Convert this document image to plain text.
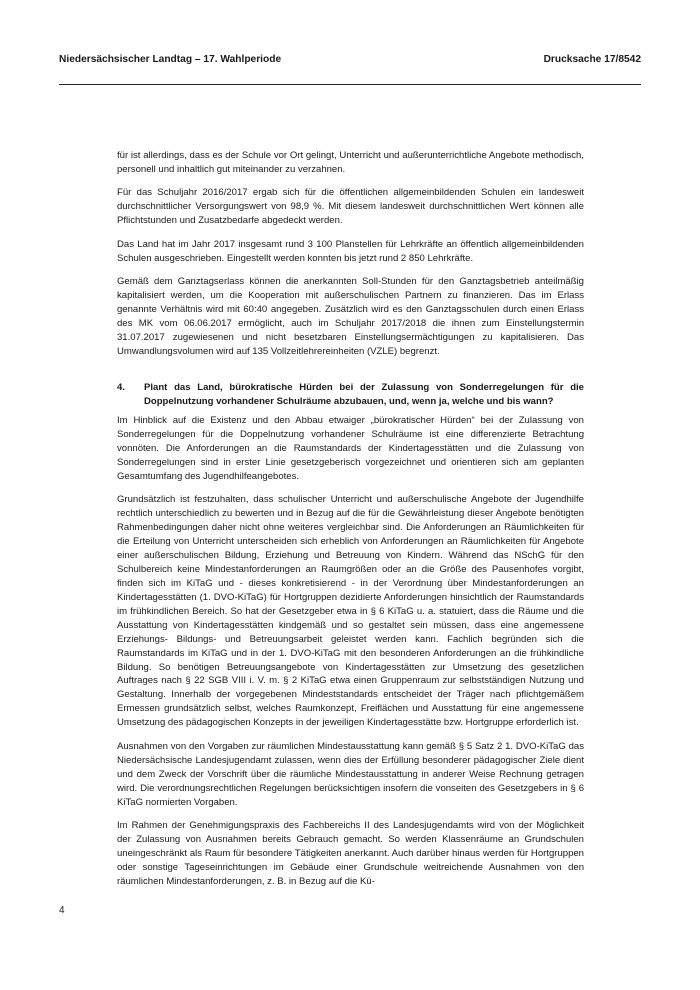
Niedersächsischer Landtag – 17. Wahlperiode	Drucksache 17/8542

für ist allerdings, dass es der Schule vor Ort gelingt, Unterricht und außerunterrichtliche Angebote methodisch, personell und inhaltlich gut miteinander zu verzahnen.

Für das Schuljahr 2016/2017 ergab sich für die öffentlichen allgemeinbildenden Schulen ein landesweit durchschnittlicher Versorgungswert von 98,9 %. Mit diesem landesweit durchschnittlichen Wert können alle Pflichtstunden und Zusatzbedarfe abgedeckt werden.

Das Land hat im Jahr 2017 insgesamt rund 3 100 Planstellen für Lehrkräfte an öffentlich allgemeinbildenden Schulen ausgeschrieben. Eingestellt werden konnten bis jetzt rund 2 850 Lehrkräfte.

Gemäß dem Ganztagserlass können die anerkannten Soll-Stunden für den Ganztagsbetrieb anteilmäßig kapitalisiert werden, um die Kooperation mit außerschulischen Partnern zu finanzieren. Das im Erlass genannte Verhältnis wird mit 60:40 angegeben. Zusätzlich wird es den Ganztagsschulen durch einen Erlass des MK vom 06.06.2017 ermöglicht, auch im Schuljahr 2017/2018 die ihnen zum Einstellungstermin 31.07.2017 zugewiesenen und nicht besetzbaren Einstellungsermächtigungen zu kapitalisieren. Das Umwandlungsvolumen wird auf 135 Vollzeitlehrereinheiten (VZLE) begrenzt.

4.	Plant das Land, bürokratische Hürden bei der Zulassung von Sonderregelungen für die Doppelnutzung vorhandener Schulräume abzubauen, und, wenn ja, welche und bis wann?

Im Hinblick auf die Existenz und den Abbau etwaiger „bürokratischer Hürden“ bei der Zulassung von Sonderregelungen für die Doppelnutzung vorhandener Schulräume ist eine differenzierte Betrachtung vonnöten. Die Anforderungen an die Raumstandards der Kindertagesstätten und die Zulassung von Sonderregelungen sind in erster Linie gesetzgeberisch vorgezeichnet und orientieren sich am geplanten Gesamtumfang des Jugendhilfeangebotes.

Grundsätzlich ist festzuhalten, dass schulischer Unterricht und außerschulische Angebote der Jugendhilfe rechtlich unterschiedlich zu bewerten und in Bezug auf die für die Gewährleistung dieser Angebote benötigten Rahmenbedingungen daher nicht ohne weiteres vergleichbar sind. Die Anforderungen an Räumlichkeiten für die Erteilung von Unterricht unterscheiden sich erheblich von Anforderungen an Räumlichkeiten für Angebote einer außerschulischen Bildung, Erziehung und Betreuung von Kindern. Während das NSchG für den Schulbereich keine Mindestanforderungen an Raumgrößen oder an die Größe des Pausenhofes vorgibt, finden sich im KiTaG und - dieses konkretisierend - in der Verordnung über Mindestanforderungen an Kindertagesstätten (1. DVO-KiTaG) für Hortgruppen dezidierte Anforderungen hinsichtlich der Raumstandards im frühkindlichen Bereich. So hat der Gesetzgeber etwa in § 6 KiTaG u. a. statuiert, dass die Räume und die Ausstattung von Kindertagesstätten kindgemäß und so gestaltet sein müssen, dass eine angemessene Erziehungs- Bildungs- und Betreuungsarbeit geleistet werden kann. Fachlich begründen sich die Raumstandards im KiTaG und in der 1. DVO-KiTaG mit den besonderen Anforderungen an die frühkindliche Bildung. So benötigen Betreuungsangebote von Kindertagesstätten zur Umsetzung des gesetzlichen Auftrages nach § 22 SGB VIII i. V. m. § 2 KiTaG etwa einen Gruppenraum zur selbstständigen Nutzung und Gestaltung. Innerhalb der vorgegebenen Mindeststandards entscheidet der Träger nach pflichtgemäßem Ermessen grundsätzlich selbst, welches Raumkonzept, Freiflächen und Ausstattung für eine angemessene Umsetzung des pädagogischen Konzepts in der jeweiligen Kindertagesstätte bzw. Hortgruppe erforderlich ist.

Ausnahmen von den Vorgaben zur räumlichen Mindestausstattung kann gemäß § 5 Satz 2 1. DVO-KiTaG das Niedersächsische Landesjugendamt zulassen, wenn dies der Erfüllung besonderer pädagogischer Ziele dient und dem Zweck der Vorschrift über die räumliche Mindestausstattung in anderer Weise Rechnung getragen wird. Die verordnungsrechtlichen Regelungen berücksichtigen insofern die vonseiten des Gesetzgebers in § 6 KiTaG normierten Vorgaben.

Im Rahmen der Genehmigungspraxis des Fachbereichs II des Landesjugendamts wird von der Möglichkeit der Zulassung von Ausnahmen bereits Gebrauch gemacht. So werden Klassenräume an Grundschulen uneingeschränkt als Raum für besondere Tätigkeiten anerkannt. Auch darüber hinaus werden für Hortgruppen oder sonstige Tageseinrichtungen im Gebäude einer Grundschule weitreichende Ausnahmen von den räumlichen Mindestanforderungen, z. B. in Bezug auf die Kü-

4
